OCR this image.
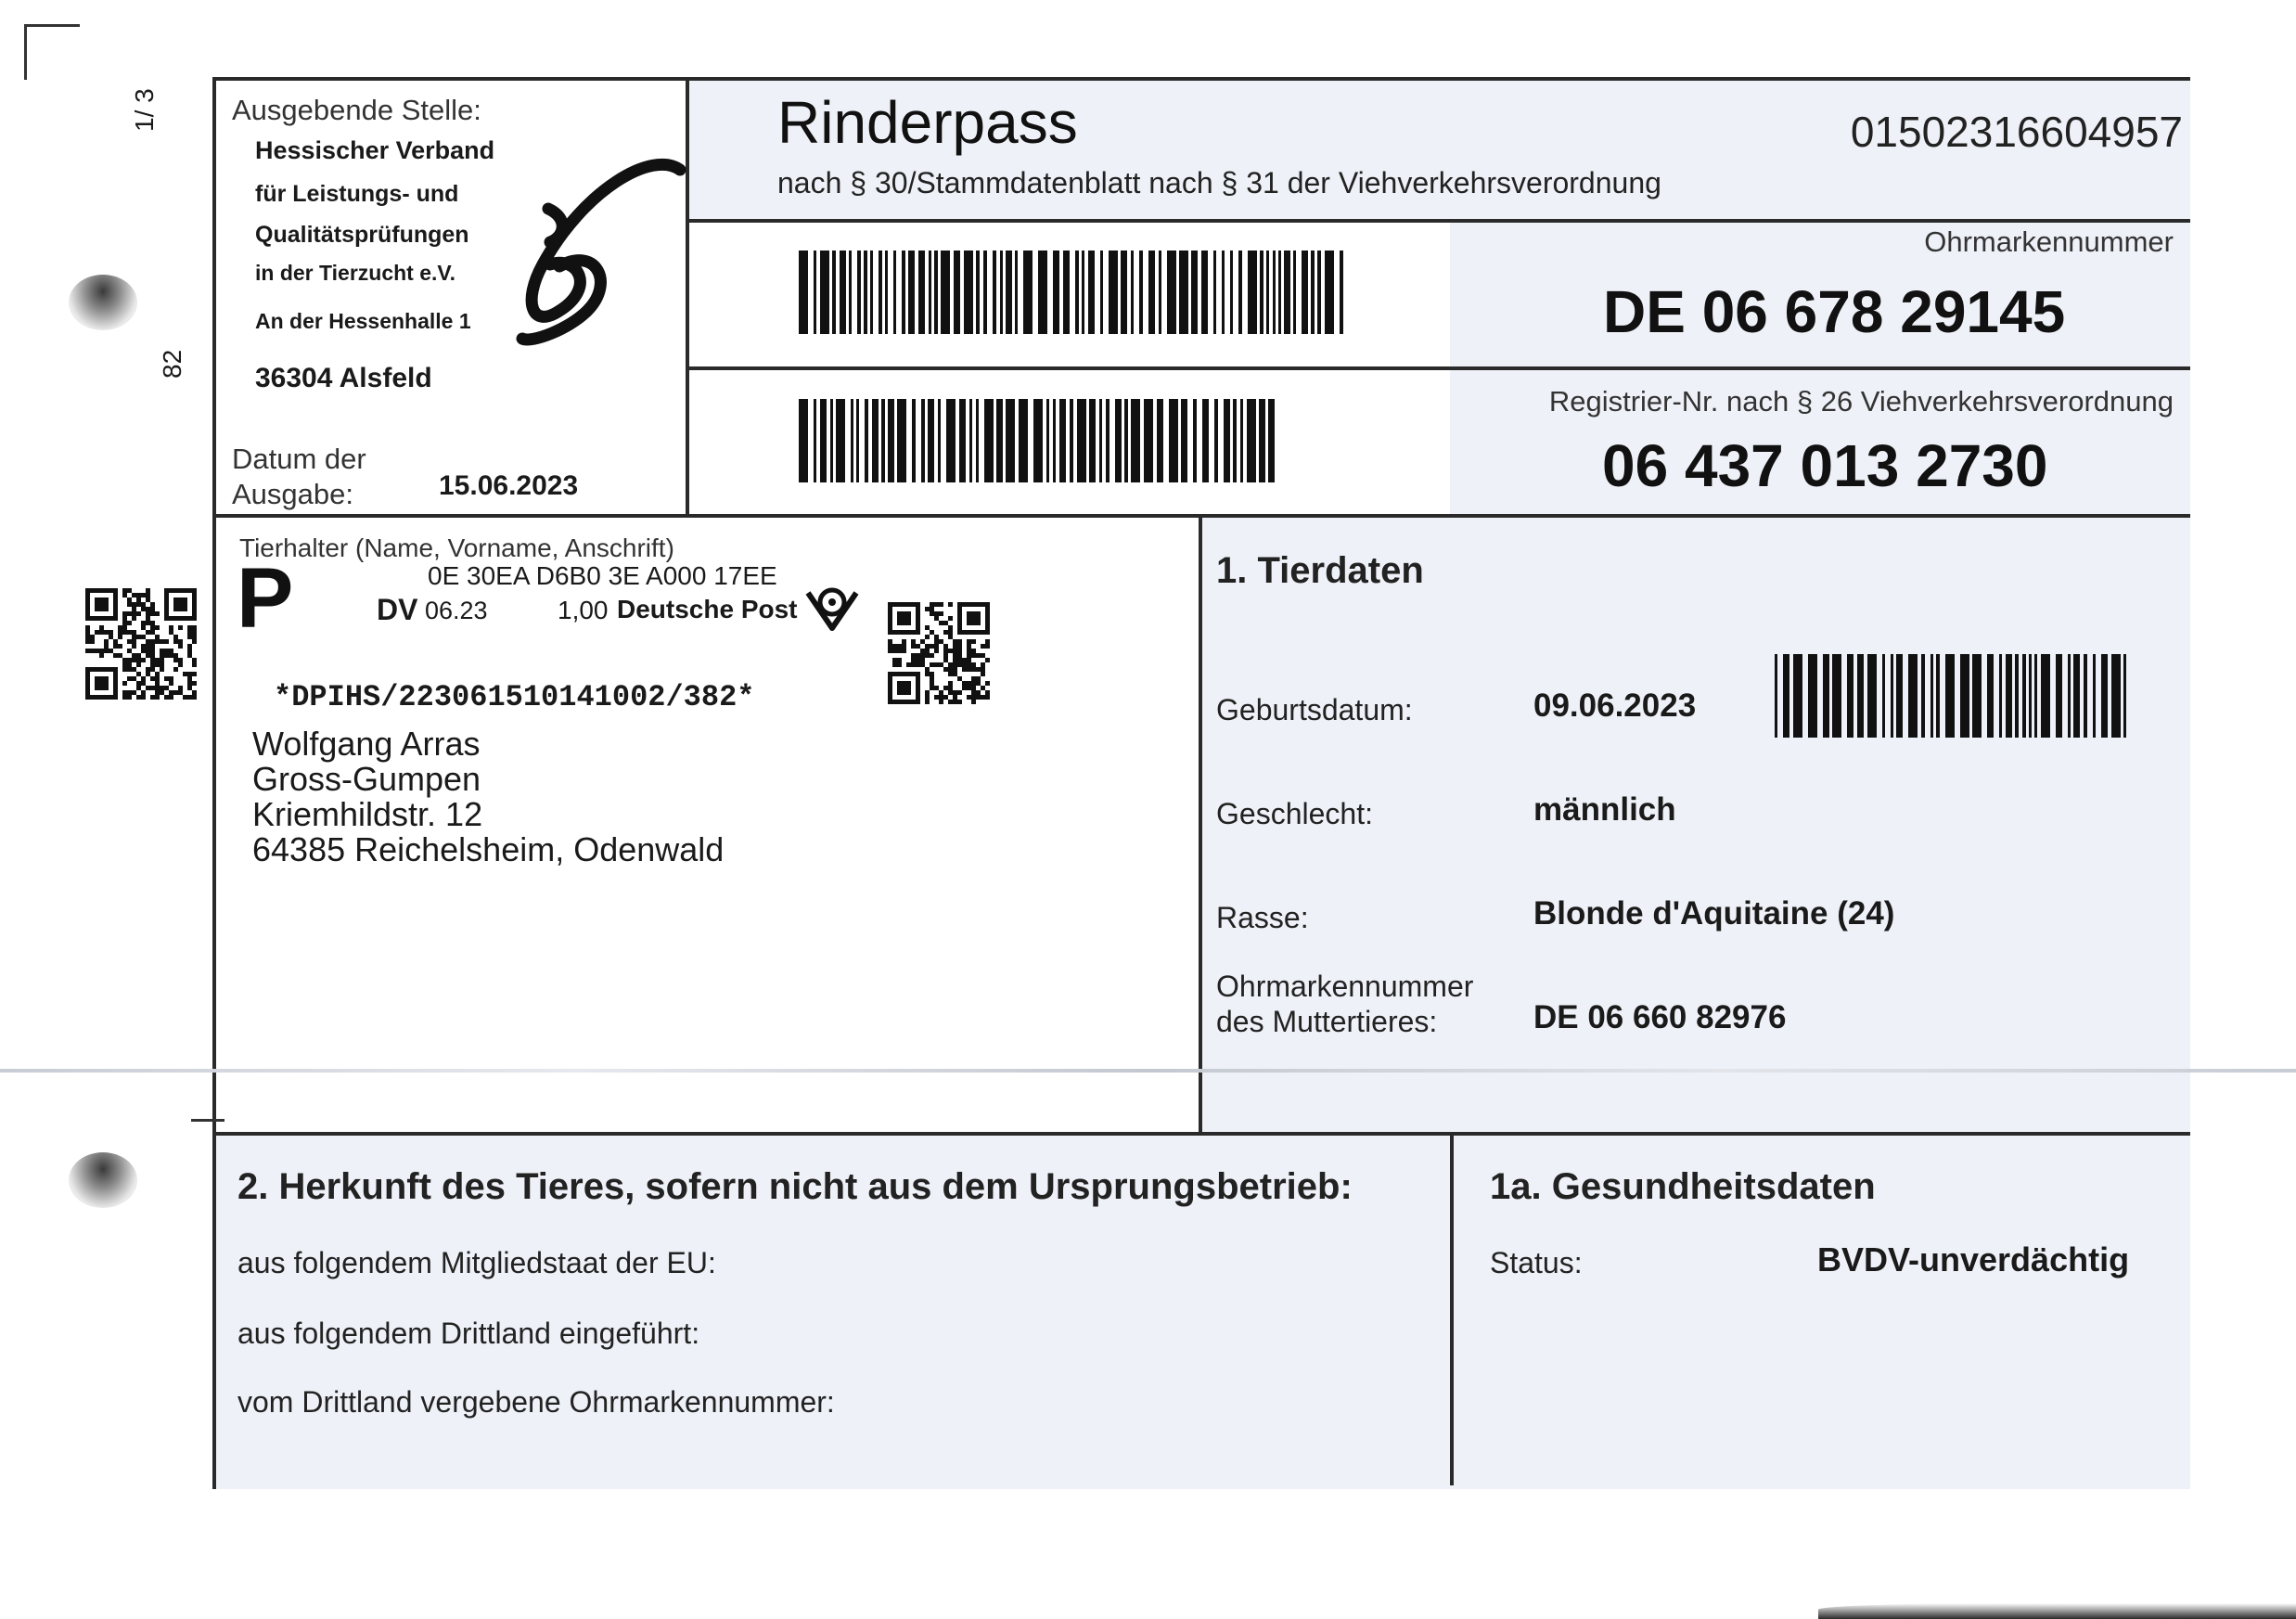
1/ 3
82
Ausgebende Stelle:
Hessischer Verband
für Leistungs- und
Qualitätsprüfungen
in der Tierzucht e.V.
An der Hessenhalle 1
36304 Alsfeld
Datum der
Ausgabe:	15.06.2023
Rinderpass
nach § 30/Stammdatenblatt nach § 31 der Viehverkehrsverordnung
01502316604957
Ohrmarkennummer
DE 06 678 29145
Registrier-Nr. nach § 26 Viehverkehrsverordnung
06 437 013 2730
Tierhalter (Name, Vorname, Anschrift)
P	0E 30EA D6B0 3E A000 17EE
DV 06.23	1,00 Deutsche Post
*DPIHS/223061510141002/382*
Wolfgang Arras
Gross-Gumpen
Kriemhildstr. 12
64385 Reichelsheim, Odenwald
1. Tierdaten
Geburtsdatum:	09.06.2023
Geschlecht:	männlich
Rasse:	Blonde d'Aquitaine (24)
Ohrmarkennummer
des Muttertieres:	DE 06 660 82976
2. Herkunft des Tieres, sofern nicht aus dem Ursprungsbetrieb:
aus folgendem Mitgliedstaat der EU:
aus folgendem Drittland eingeführt:
vom Drittland vergebene Ohrmarkennummer:
1a. Gesundheitsdaten
Status:	BVDV-unverdächtig
